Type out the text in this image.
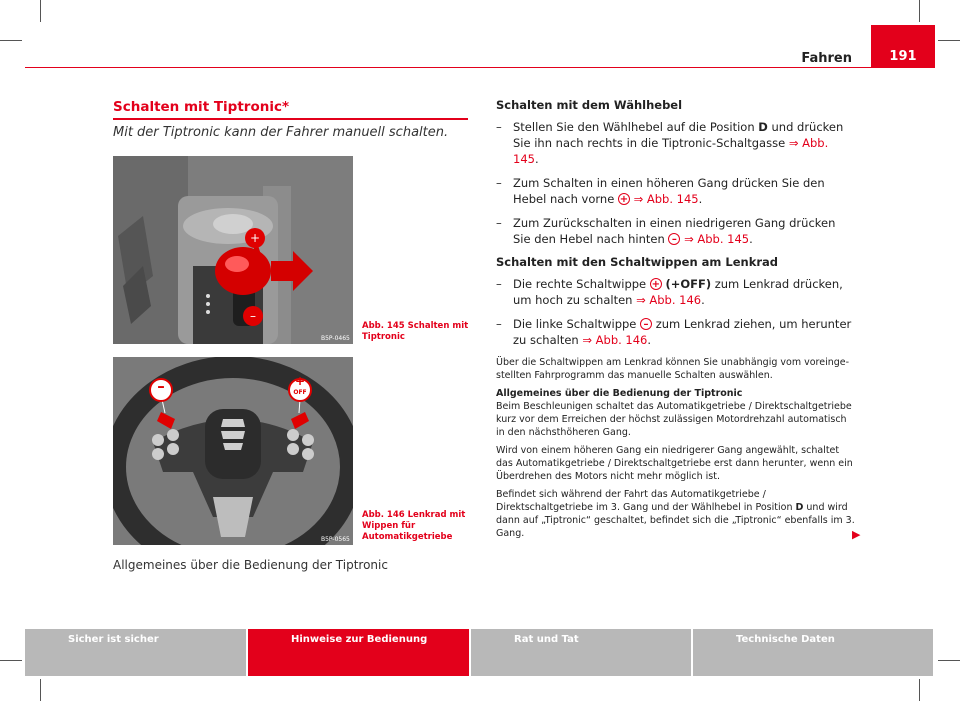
Fahren	191
Schalten mit Tiptronic*
Mit der Tiptronic kann der Fahrer manuell schalten.
+
–
B5P-0465
Abb. 145 Schalten mit Tiptronic
–	+
OFF
B5P-0565
Abb. 146 Lenkrad mit Wippen für Automatikgetriebe
Allgemeines über die Bedienung der Tiptronic
Schalten mit dem Wählhebel
– Stellen Sie den Wählhebel auf die Position D und drücken Sie ihn nach rechts in die Tiptronic-Schaltgasse ⇒ Abb. 145.
– Zum Schalten in einen höheren Gang drücken Sie den Hebel nach vorne + ⇒ Abb. 145.
– Zum Zurückschalten in einen niedrigeren Gang drücken Sie den Hebel nach hinten – ⇒ Abb. 145.
Schalten mit den Schaltwippen am Lenkrad
– Die rechte Schaltwippe + (+OFF) zum Lenkrad drücken, um hoch zu schalten ⇒ Abb. 146.
– Die linke Schaltwippe – zum Lenkrad ziehen, um herunter zu schalten ⇒ Abb. 146.

Über die Schaltwippen am Lenkrad können Sie unabhängig vom voreingestellten Fahrprogramm das manuelle Schalten auswählen.

Allgemeines über die Bedienung der Tiptronic

Beim Beschleunigen schaltet das Automatikgetriebe / Direktschaltgetriebe kurz vor dem Erreichen der höchst zulässigen Motordrehzahl automatisch in den nächsthöheren Gang.

Wird von einem höheren Gang ein niedrigerer Gang angewählt, schaltet das Automatikgetriebe / Direktschaltgetriebe erst dann herunter, wenn ein Überdrehen des Motors nicht mehr möglich ist.

Befindet sich während der Fahrt das Automatikgetriebe / Direktschaltgetriebe im 3. Gang und der Wählhebel in Position D und wird dann auf „Tiptronic“ geschaltet, befindet sich die „Tiptronic“ ebenfalls im 3. Gang.	▶
Sicher ist sicher	Hinweise zur Bedienung	Rat und Tat	Technische Daten
